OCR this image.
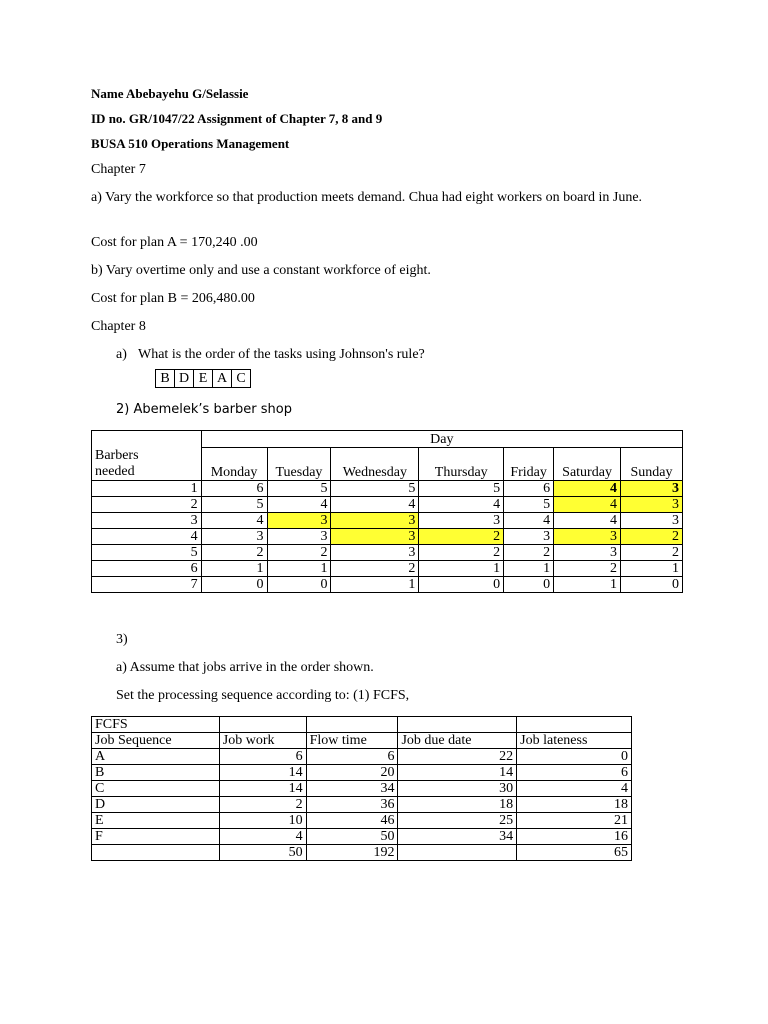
Name Abebayehu G/Selassie
ID no. GR/1047/22 Assignment of Chapter 7, 8 and 9
BUSA 510 Operations Management
Chapter 7
a) Vary the workforce so that production meets demand. Chua had eight workers on board in June.
Cost for plan A = 170,240 .00
b) Vary overtime only and use a constant workforce of eight.
Cost for plan B = 206,480.00
Chapter 8
a) What is the order of the tasks using Johnson's rule?
B	D	E	A	C
2) Abemelek’s barber shop
	Day						
Barbers
needed	Monday	Tuesday	Wednesday	Thursday	Friday	Saturday	Sunday
1	6	5	5	5	6	4	3
2	5	4	4	4	5	4	3
3	4	3	3	3	4	4	3
4	3	3	3	2	3	3	2
5	2	2	3	2	2	3	2
6	1	1	2	1	1	2	1
7	0	0	1	0	0	1	0
3)
a) Assume that jobs arrive in the order shown.
Set the processing sequence according to: (1) FCFS,
FCFS				
Job Sequence	Job work	Flow time	Job due date	Job lateness
A	6	6	22	0
B	14	20	14	6
C	14	34	30	4
D	2	36	18	18
E	10	46	25	21
F	4	50	34	16
	50	192		65
